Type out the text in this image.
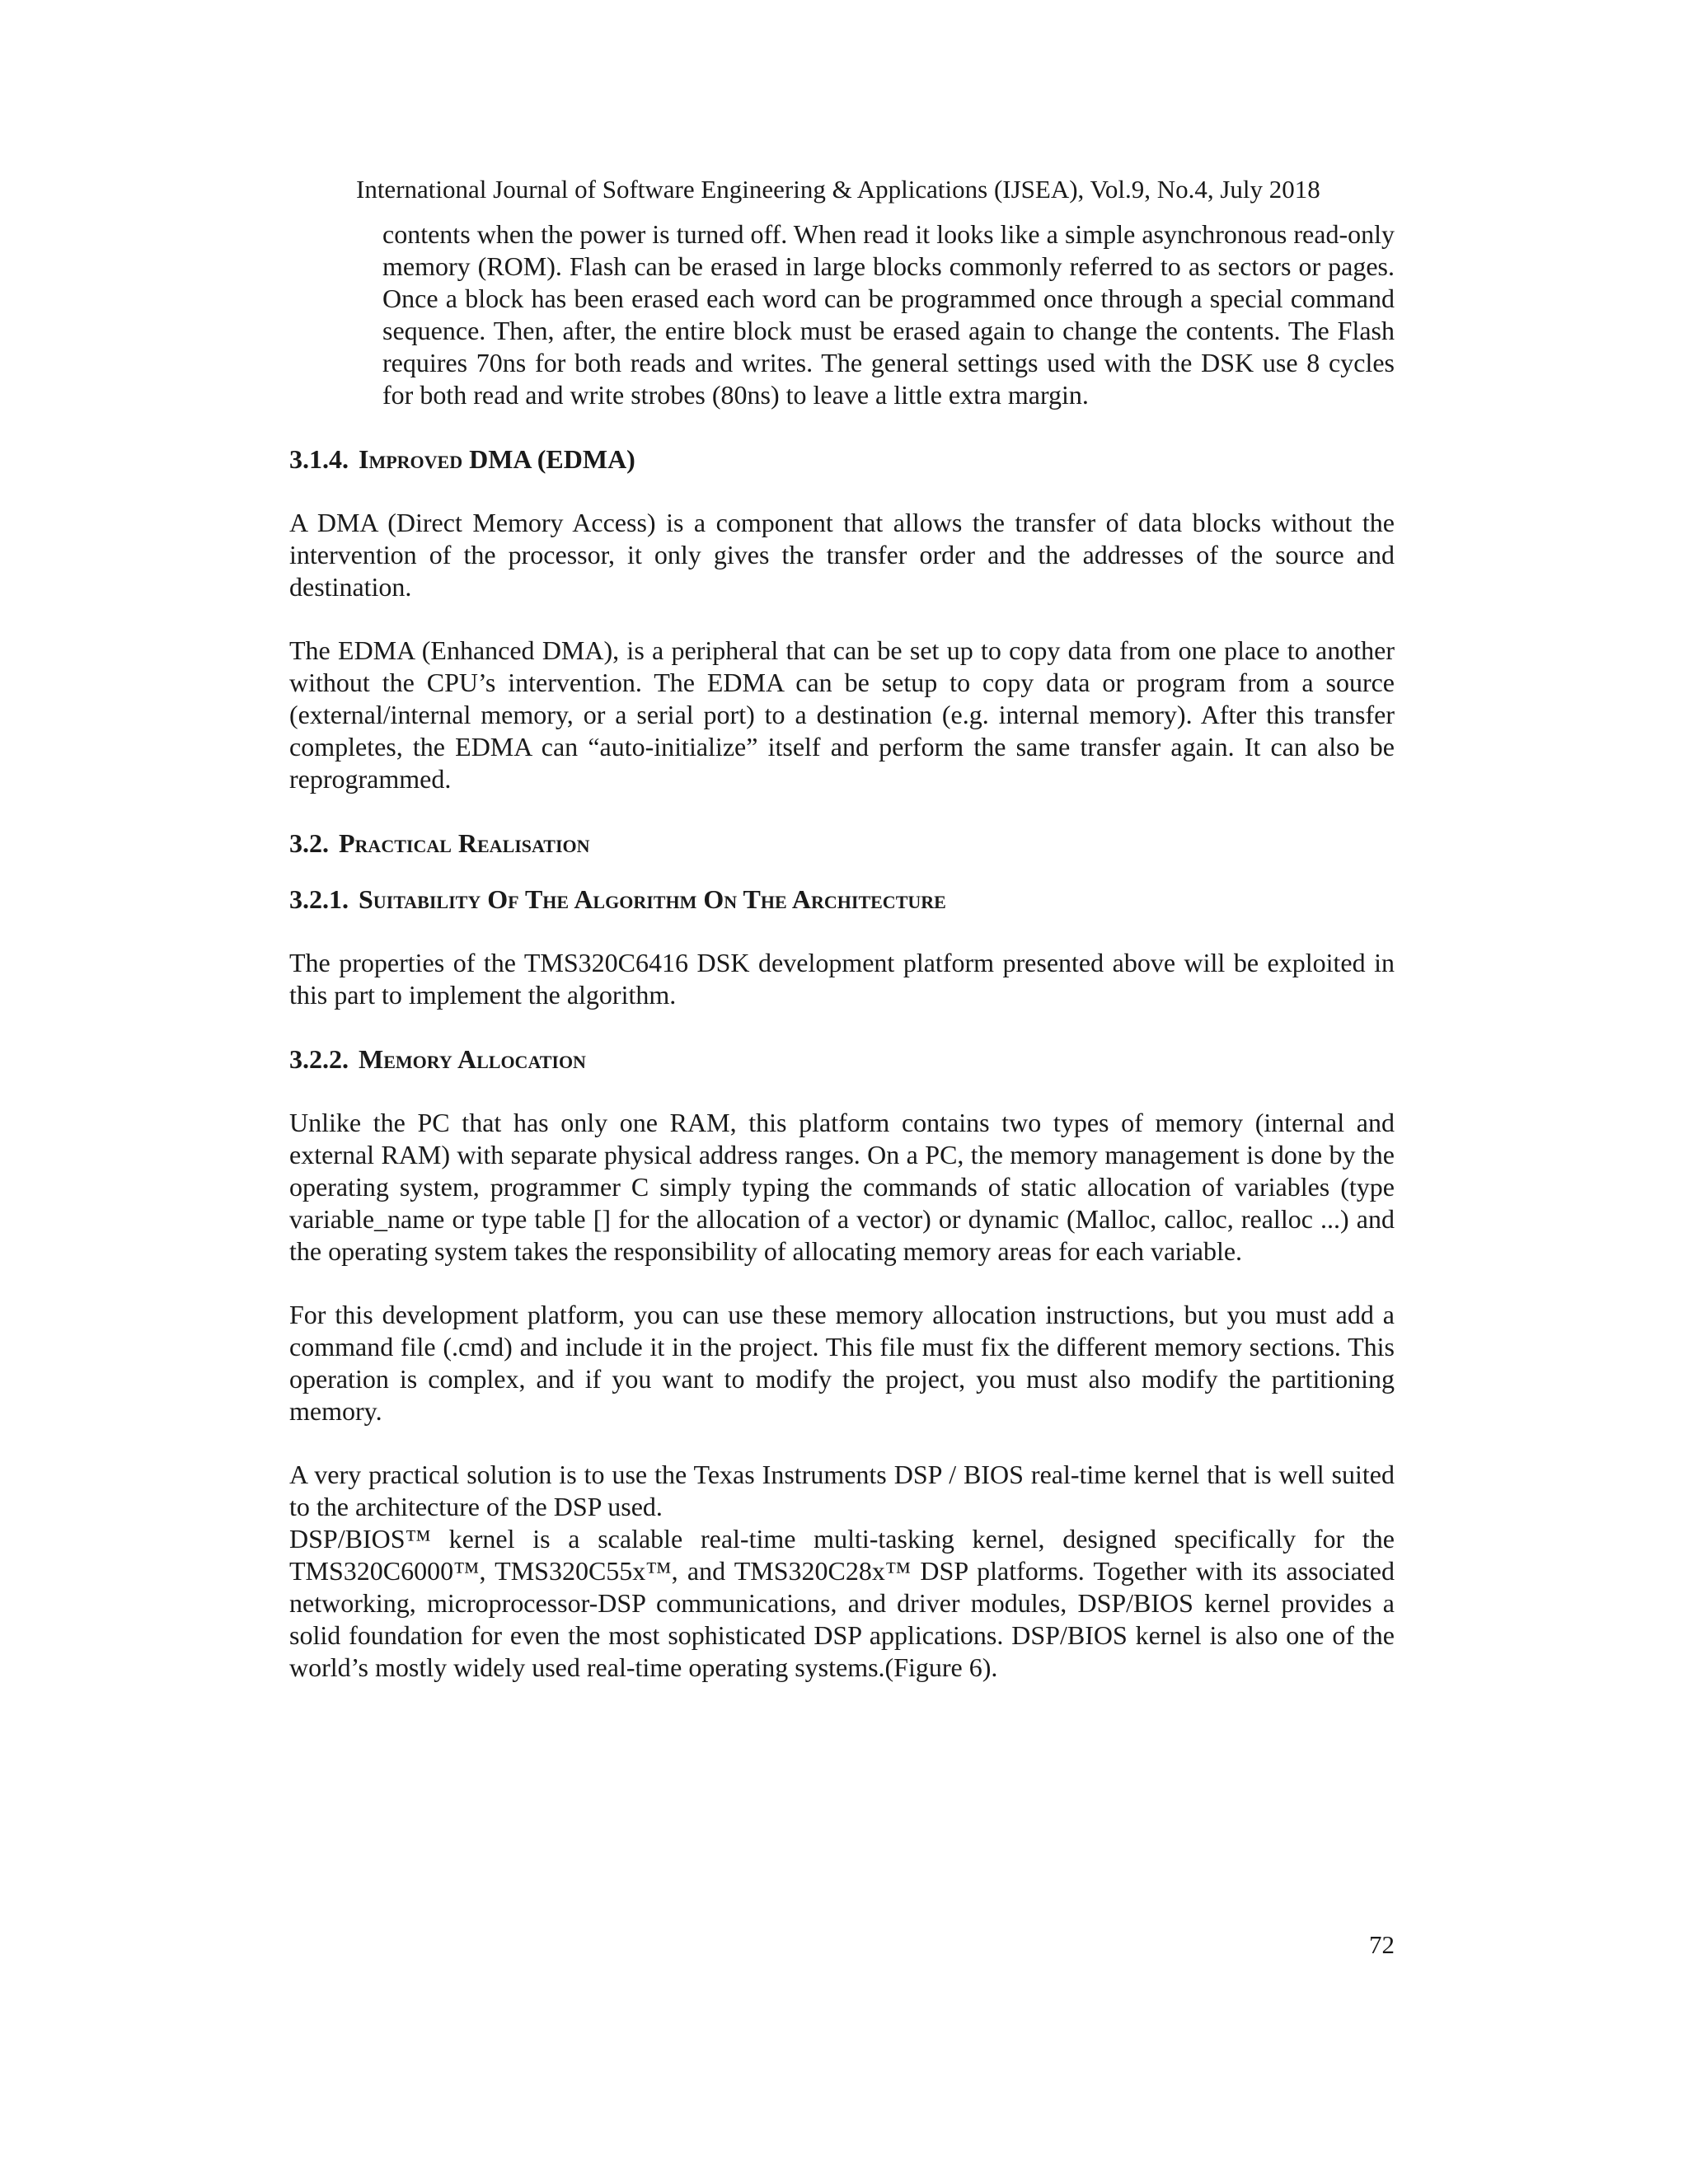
International Journal of Software Engineering & Applications (IJSEA), Vol.9, No.4, July 2018

contents when the power is turned off. When read it looks like a simple asynchronous read-only memory (ROM). Flash can be erased in large blocks commonly referred to as sectors or pages. Once a block has been erased each word can be programmed once through a special command sequence. Then, after, the entire block must be erased again to change the contents. The Flash requires 70ns for both reads and writes. The general settings used with the DSK use 8 cycles for both read and write strobes (80ns) to leave a little extra margin.

3.1.4. Improved DMA (EDMA)

A DMA (Direct Memory Access) is a component that allows the transfer of data blocks without the intervention of the processor, it only gives the transfer order and the addresses of the source and destination.

The EDMA (Enhanced DMA), is a peripheral that can be set up to copy data from one place to another without the CPU’s intervention. The EDMA can be setup to copy data or program from a source (external/internal memory, or a serial port) to a destination (e.g. internal memory). After this transfer completes, the EDMA can “auto-initialize” itself and perform the same transfer again. It can also be reprogrammed.

3.2. Practical Realisation
3.2.1. Suitability Of The Algorithm On The Architecture

The properties of the TMS320C6416 DSK development platform presented above will be exploited in this part to implement the algorithm.

3.2.2. Memory Allocation

Unlike the PC that has only one RAM, this platform contains two types of memory (internal and external RAM) with separate physical address ranges. On a PC, the memory management is done by the operating system, programmer C simply typing the commands of static allocation of variables (type variable_name or type table [] for the allocation of a vector) or dynamic (Malloc, calloc, realloc ...) and the operating system takes the responsibility of allocating memory areas for each variable.

For this development platform, you can use these memory allocation instructions, but you must add a command file (.cmd) and include it in the project. This file must fix the different memory sections. This operation is complex, and if you want to modify the project, you must also modify the partitioning memory.

A very practical solution is to use the Texas Instruments DSP / BIOS real-time kernel that is well suited to the architecture of the DSP used.

DSP/BIOS™ kernel is a scalable real-time multi-tasking kernel, designed specifically for the TMS320C6000™, TMS320C55x™, and TMS320C28x™ DSP platforms. Together with its associated networking, microprocessor-DSP communications, and driver modules, DSP/BIOS kernel provides a solid foundation for even the most sophisticated DSP applications. DSP/BIOS kernel is also one of the world’s mostly widely used real-time operating systems.(Figure 6).

72
